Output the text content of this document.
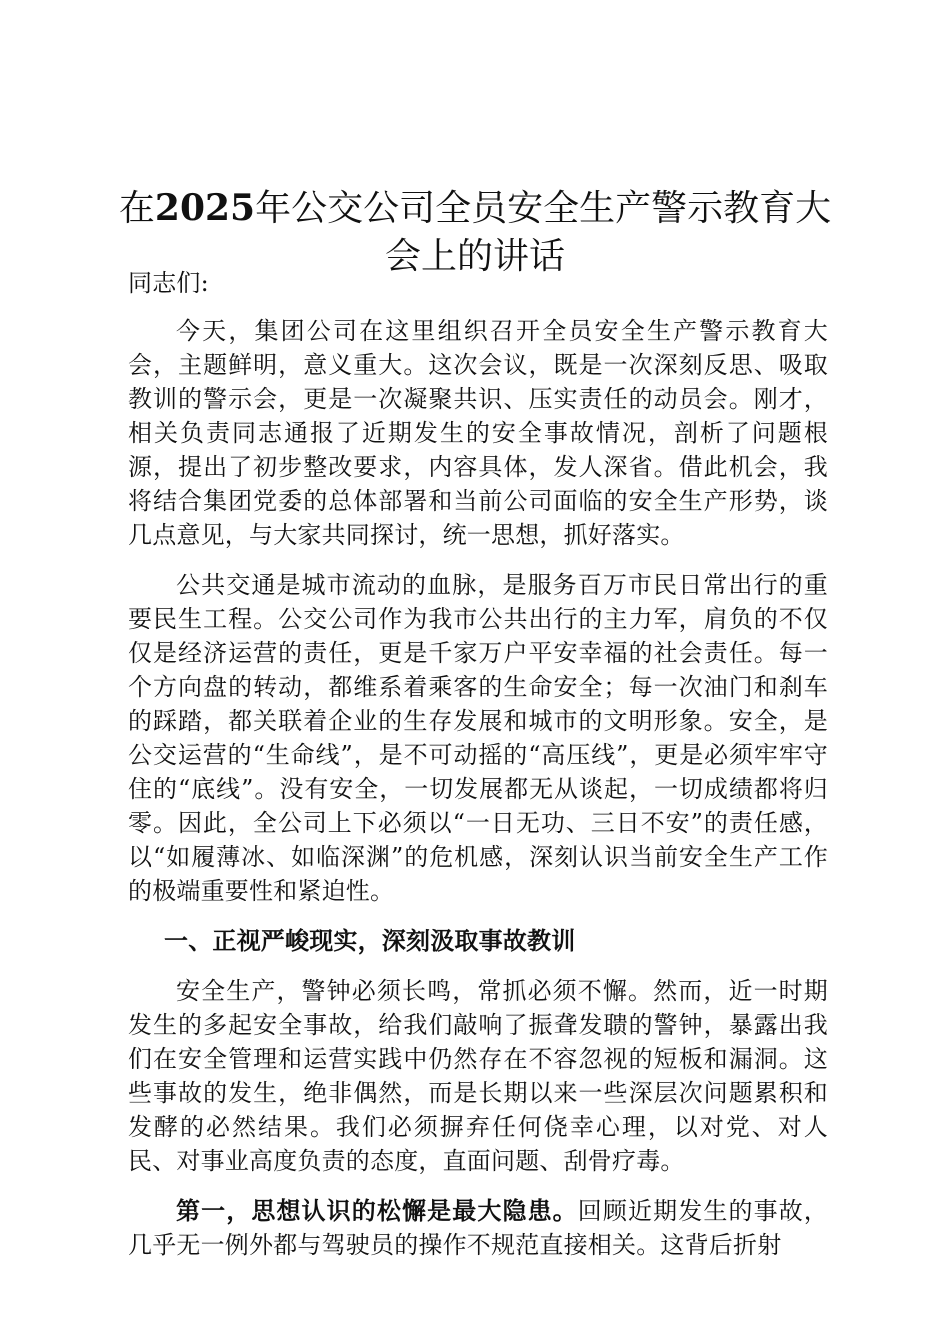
在2025年公交公司全员安全生产警示教育大会上的讲话

同志们:

今天，集团公司在这里组织召开全员安全生产警示教育大会，主题鲜明，意义重大。这次会议，既是一次深刻反思、吸取教训的警示会，更是一次凝聚共识、压实责任的动员会。刚才，相关负责同志通报了近期发生的安全事故情况，剖析了问题根源，提出了初步整改要求，内容具体，发人深省。借此机会，我将结合集团党委的总体部署和当前公司面临的安全生产形势，谈几点意见，与大家共同探讨，统一思想，抓好落实。

公共交通是城市流动的血脉，是服务百万市民日常出行的重要民生工程。公交公司作为我市公共出行的主力军，肩负的不仅仅是经济运营的责任，更是千家万户平安幸福的社会责任。每一个方向盘的转动，都维系着乘客的生命安全；每一次油门和刹车的踩踏，都关联着企业的生存发展和城市的文明形象。安全，是公交运营的“生命线”，是不可动摇的“高压线”，更是必须牢牢守住的“底线”。没有安全，一切发展都无从谈起，一切成绩都将归零。因此，全公司上下必须以“一日无功、三日不安”的责任感，以“如履薄冰、如临深渊”的危机感，深刻认识当前安全生产工作的极端重要性和紧迫性。

一、正视严峻现实，深刻汲取事故教训

安全生产，警钟必须长鸣，常抓必须不懈。然而，近一时期发生的多起安全事故，给我们敲响了振聋发聩的警钟，暴露出我们在安全管理和运营实践中仍然存在不容忽视的短板和漏洞。这些事故的发生，绝非偶然，而是长期以来一些深层次问题累积和发酵的必然结果。我们必须摒弃任何侥幸心理，以对党、对人民、对事业高度负责的态度，直面问题、刮骨疗毒。

第一，思想认识的松懈是最大隐患。回顾近期发生的事故，几乎无一例外都与驾驶员的操作不规范直接相关。这背后折射
